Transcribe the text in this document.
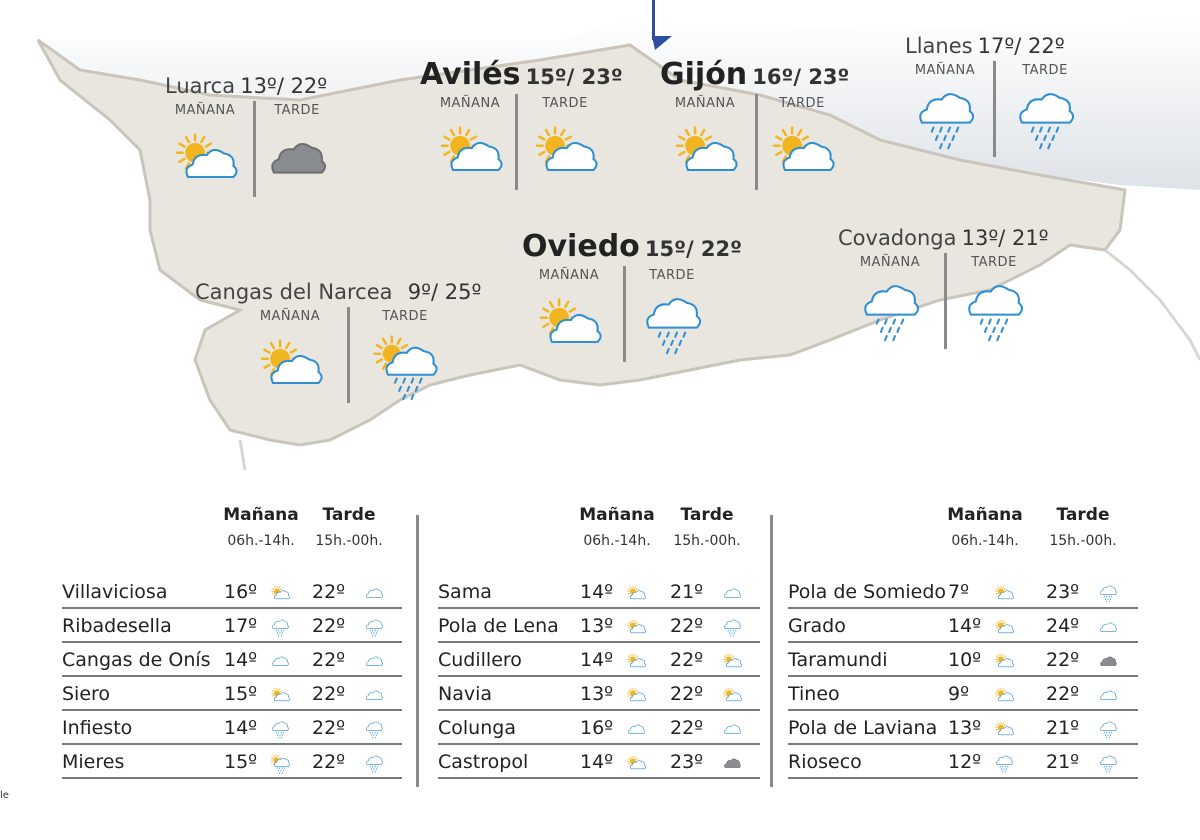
Luarca 13º/ 22º
MAÑANA	TARDE
Avilés 15º/ 23º
MAÑANA	TARDE
Gijón 16º/ 23º
MAÑANA	TARDE
Llanes 17º/ 22º
MAÑANA	TARDE
Oviedo 15º/ 22º
MAÑANA	TARDE
Covadonga 13º/ 21º
MAÑANA	TARDE
Cangas del Narcea 9º/ 25º
MAÑANA	TARDE
Mañana
06h.-14h.
Tarde
15h.-00h.
Villaviciosa	16º	22º
Ribadesella	17º	22º
Cangas de Onís 14º	22º
Siero	15º	22º
Infiesto	14º	22º
Mieres	15º	22º
Mañana
06h.-14h.
Tarde
15h.-00h.
Sama	14º	21º
Pola de Lena 13º	22º
Cudillero	14º	22º
Navia	13º	22º
Colunga	16º	22º
Castropol	14º	23º
Mañana
06h.-14h.
Tarde
15h.-00h.
Pola de Somiedo 7º	23º
Grado	14º	24º
Taramundi	10º	22º
Tineo	9º	22º
Pola de Laviana 13º	21º
Rioseco	12º	21º
le
